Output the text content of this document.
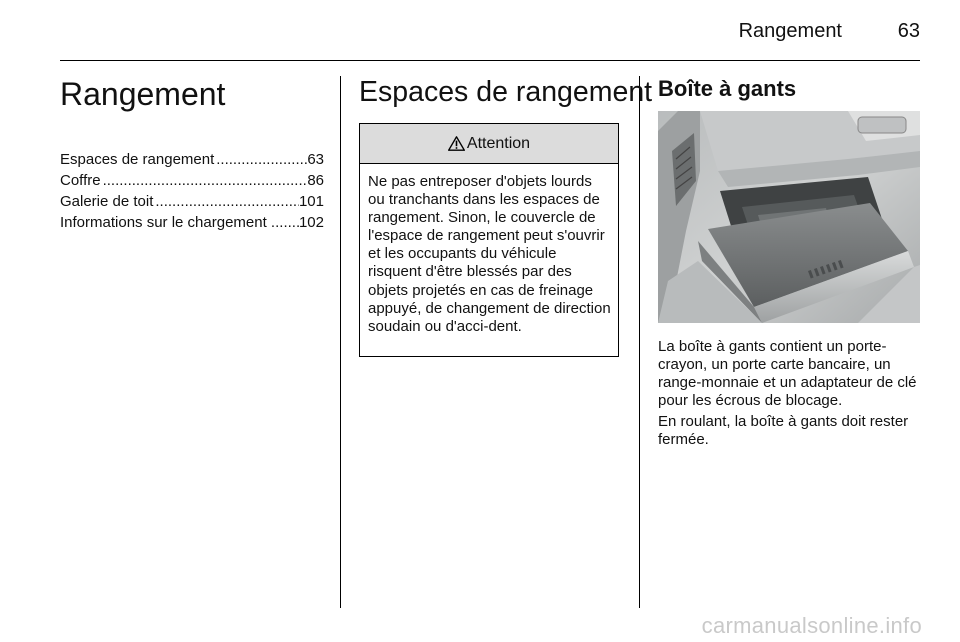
Rangement	63
Rangement
Espaces de rangement .....	63
Coffre .....	86
Galerie de toit .....	101
Informations sur le chargement . ..... 102
Espaces de rangement
Attention
Ne pas entreposer d'objets lourds ou tranchants dans les espaces de rangement. Sinon, le couvercle de l'espace de rangement peut s'ouvrir et les occupants du véhicule risquent d'être blessés par des objets projetés en cas de freinage appuyé, de changement de direction soudain ou d'acci-dent.
Boîte à gants

La boîte à gants contient un porte-crayon, un porte carte bancaire, un range-monnaie et un adaptateur de clé pour les écrous de blocage.

En roulant, la boîte à gants doit rester fermée.

carmanualsonline.info
